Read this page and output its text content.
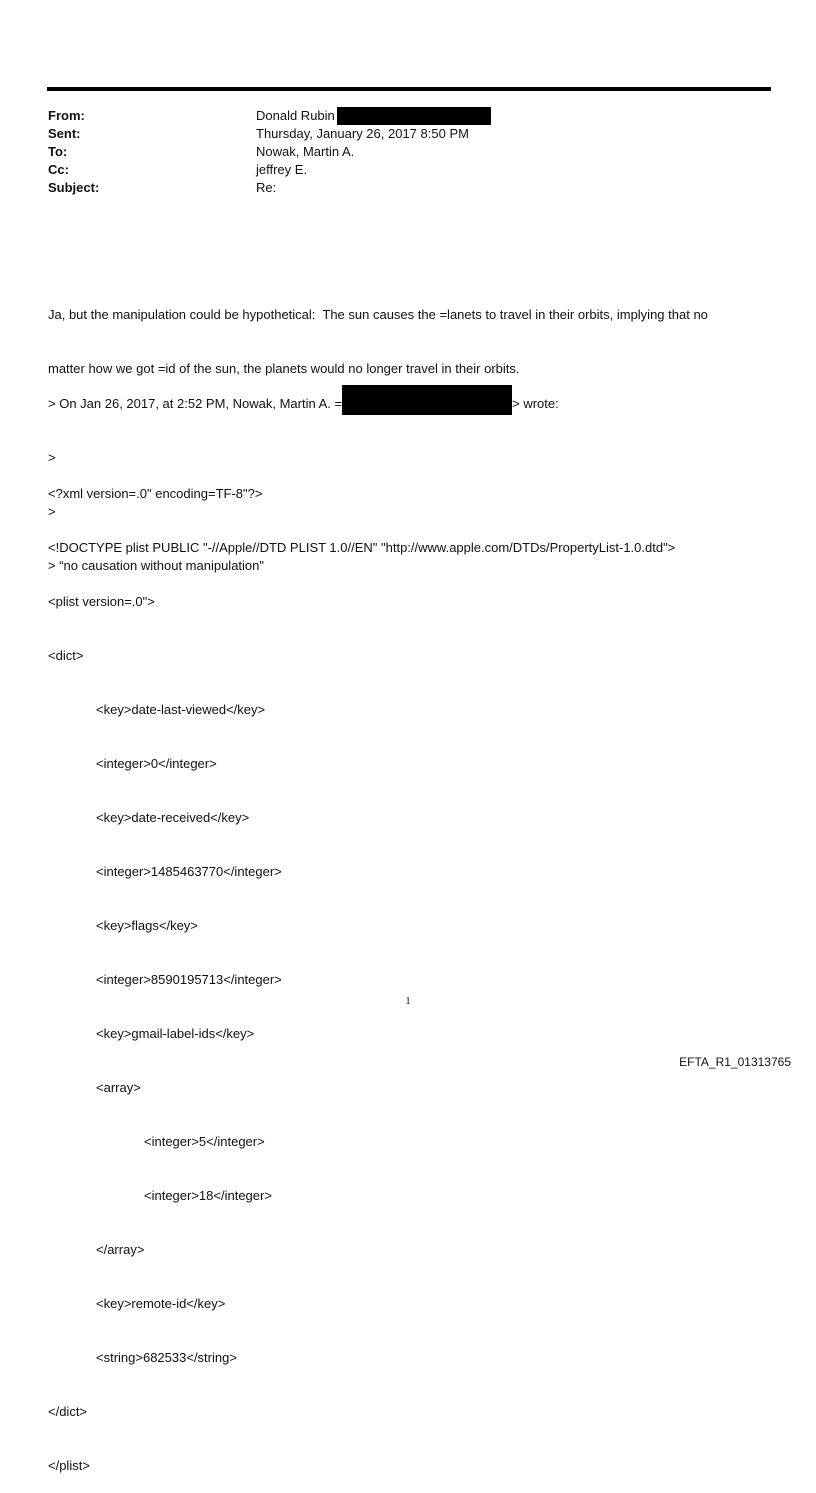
From:	Donald Rubin
Sent:	Thursday, January 26, 2017 8:50 PM
To:	Nowak, Martin A.
Cc:	jeffrey E.
Subject:	Re:

Ja, but the manipulation could be hypothetical:  The sun causes the =lanets to travel in their orbits, implying that no

matter how we got =id of the sun, the planets would no longer travel in their orbits.

> On Jan 26, 2017, at 2:52 PM, Nowak, Martin A. =	> wrote:

>

>

> “no causation without manipulation"

<?xml version=.0" encoding=TF-8"?>

<!DOCTYPE plist PUBLIC "-//Apple//DTD PLIST 1.0//EN" "http://www.apple.com/DTDs/PropertyList-1.0.dtd">

<plist version=.0">

<dict>

<key>date-last-viewed</key>

<integer>0</integer>

<key>date-received</key>

<integer>1485463770</integer>

<key>flags</key>

<integer>8590195713</integer>

<key>gmail-label-ids</key>

<array>

<integer>5</integer>

<integer>18</integer>

</array>

<key>remote-id</key>

<string>682533</string>

</dict>

</plist>

1
EFTA_R1_01313765
